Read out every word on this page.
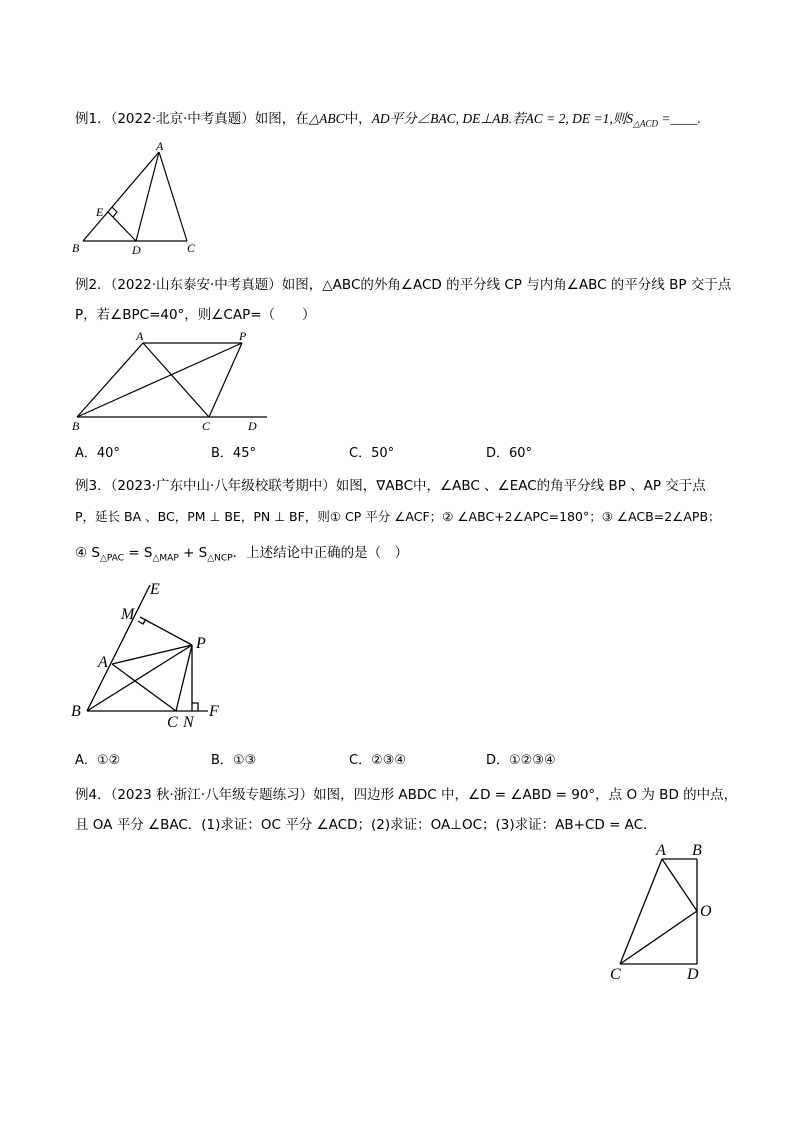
例1．（2022·北京·中考真题）如图，在△ABC中，AD平分∠BAC, DE⊥AB.若AC = 2, DE =1,则$S_{\triangle ACD}$ =____.
A
B	C
D
E
例2．（2022·山东泰安·中考真题）如图，△ABC的外角∠ACD 的平分线 CP 与内角∠ABC 的平分线 BP 交于点
P，若∠BPC=40°，则∠CAP=（　　）
A	P
B	C	D
A．40°	B．45°	C．50°	D．60°
例3．（2023·广东中山·八年级校联考期中）如图，∇ABC中，∠ABC 、∠EAC的角平分线 BP 、AP 交于点
P，延长 BA 、BC，PM ⊥ BE，PN ⊥ BF，则① CP 平分 ∠ACF；② ∠ABC+2∠APC=180°；③ ∠ACB=2∠APB；
④ $S_{\triangle PAC} = S_{\triangle MAP} + S_{\triangle NCP}$．上述结论中正确的是（　）
E
M
P
A
B
C N
F
A．①②	B．①③	C．②③④	D．①②③④
例4．（2023 秋·浙江·八年级专题练习）如图，四边形 ABDC 中，∠D = ∠ABD = 90°，点 O 为 BD 的中点，
且 OA 平分 ∠BAC．(1)求证：OC 平分 ∠ACD；(2)求证：OA⊥OC；(3)求证：AB+CD = AC．
A B
O
C	D
